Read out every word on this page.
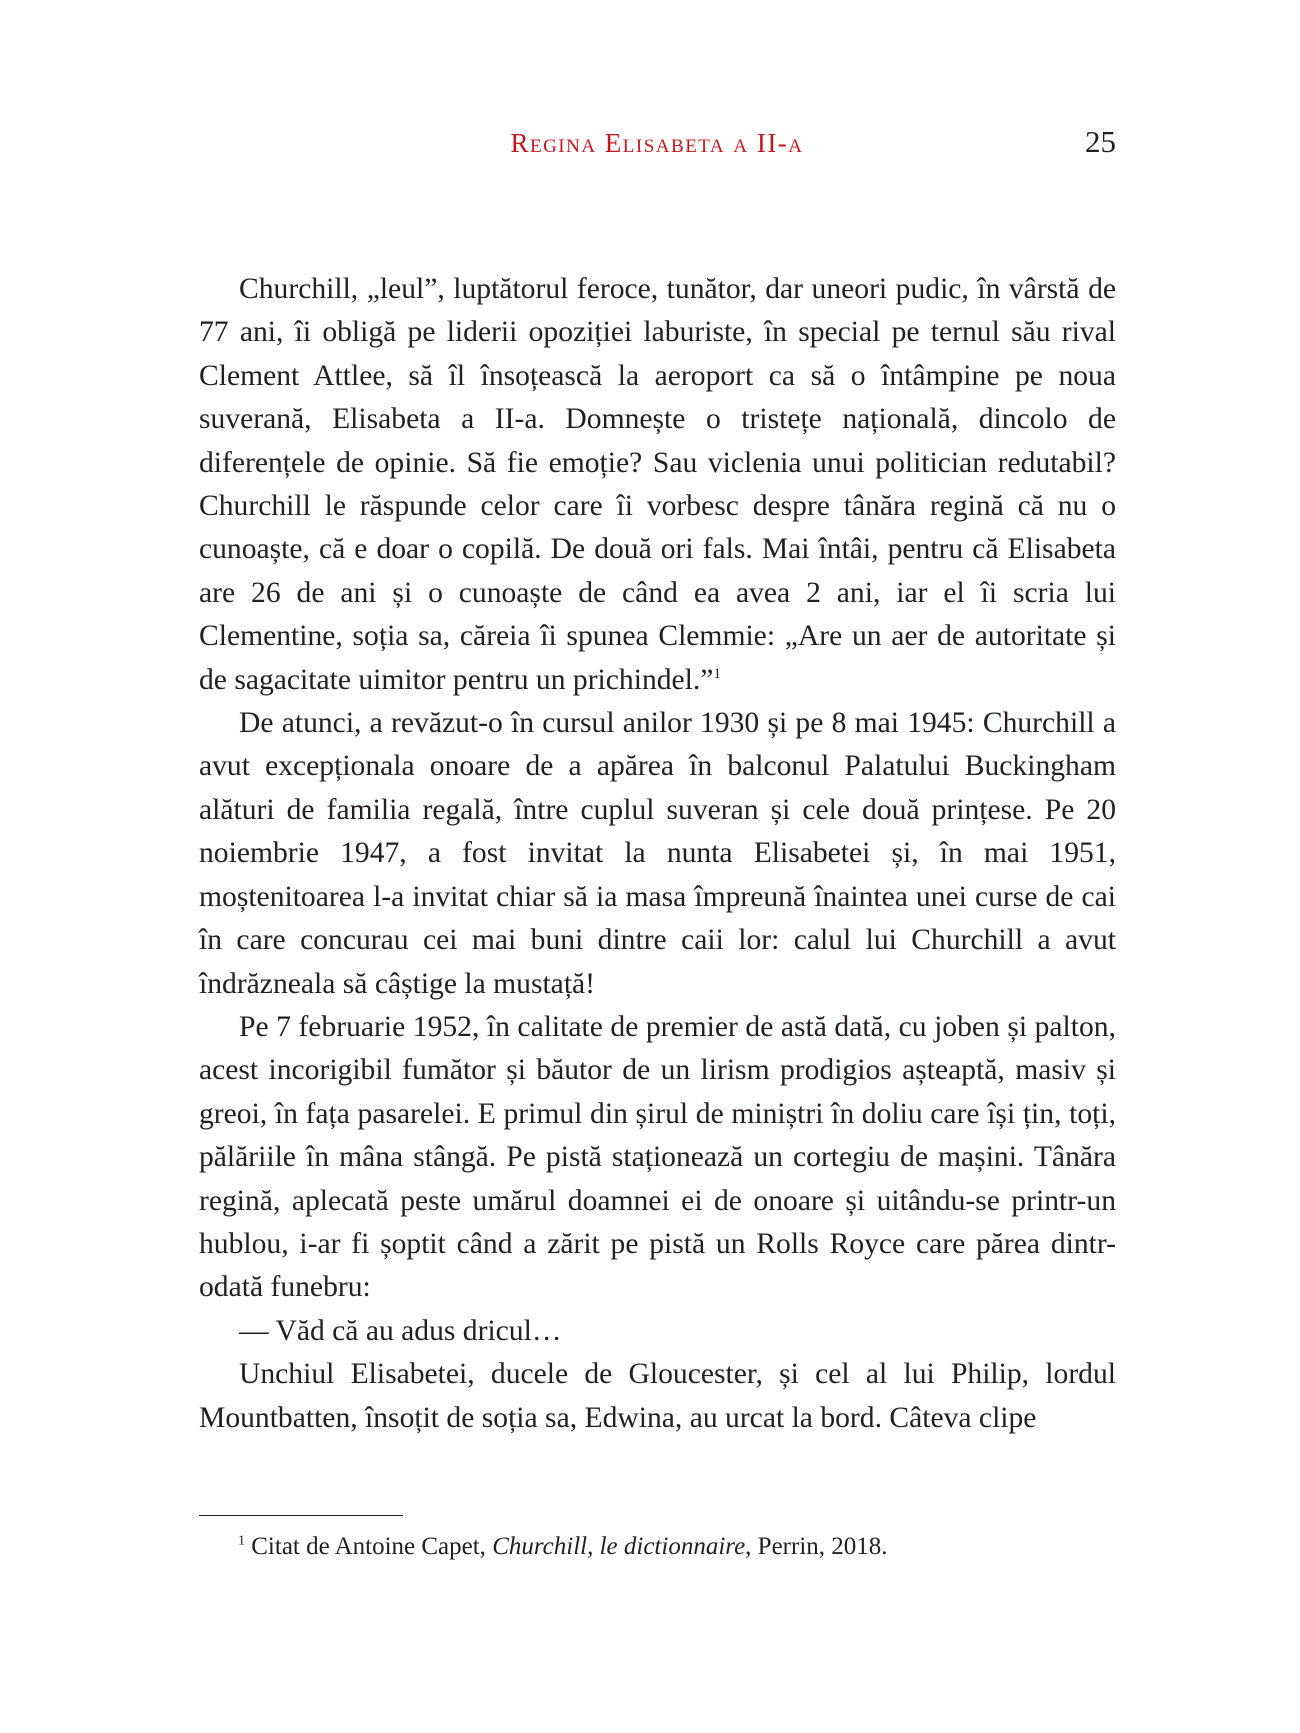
Regina Elisabeta a II-a	25

Churchill, „leul”, luptătorul feroce, tunător, dar uneori pudic, în vârstă de 77 ani, îi obligă pe liderii opoziției laburiste, în special pe ternul său rival Clement Attlee, să îl însoțească la aeroport ca să o întâmpine pe noua suverană, Elisabeta a II-a. Domnește o tristețe națională, dincolo de diferențele de opinie. Să fie emoție? Sau viclenia unui politician redutabil? Churchill le răspunde celor care îi vorbesc despre tânăra regină că nu o cunoaște, că e doar o copilă. De două ori fals. Mai întâi, pentru că Elisabeta are 26 de ani și o cunoaște de când ea avea 2 ani, iar el îi scria lui Clementine, soția sa, căreia îi spunea Clemmie: „Are un aer de autoritate și de sagacitate uimitor pentru un prichindel.”$^1$

De atunci, a revăzut-o în cursul anilor 1930 și pe 8 mai 1945: Churchill a avut excepționala onoare de a apărea în balconul Palatului Buckingham alături de familia regală, între cuplul suveran și cele două prințese. Pe 20 noiembrie 1947, a fost invitat la nunta Elisabetei și, în mai 1951, moștenitoarea l-a invitat chiar să ia masa împreună înaintea unei curse de cai în care concurau cei mai buni dintre caii lor: calul lui Churchill a avut îndrăzneala să câștige la mustață!

Pe 7 februarie 1952, în calitate de premier de astă dată, cu joben și palton, acest incorigibil fumător și băutor de un lirism prodigios așteaptă, masiv și greoi, în fața pasarelei. E primul din șirul de miniștri în doliu care își țin, toți, pălăriile în mâna stângă. Pe pistă staționează un cortegiu de mașini. Tânăra regină, aplecată peste umărul doamnei ei de onoare și uitându-se printr-un hublou, i-ar fi șoptit când a zărit pe pistă un Rolls Royce care părea dintr-odată funebru:

— Văd că au adus dricul…

Unchiul Elisabetei, ducele de Gloucester, și cel al lui Philip, lordul Mountbatten, însoțit de soția sa, Edwina, au urcat la bord. Câteva clipe

$^1$ Citat de Antoine Capet, Churchill, le dictionnaire, Perrin, 2018.
